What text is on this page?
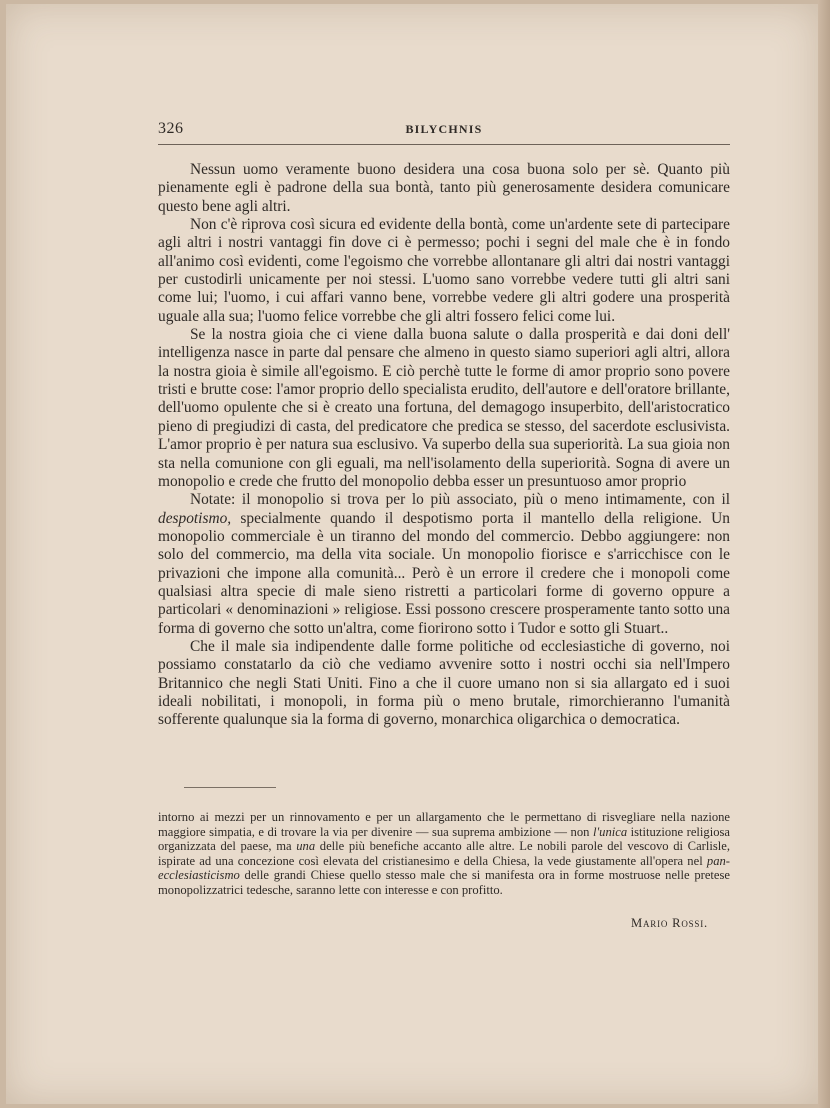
326	BILYCHNIS

Nessun uomo veramente buono desidera una cosa buona solo per sè. Quanto più pienamente egli è padrone della sua bontà, tanto più generosamente desidera comunicare questo bene agli altri.

Non c'è riprova così sicura ed evidente della bontà, come un'ardente sete di partecipare agli altri i nostri vantaggi fin dove ci è permesso; pochi i segni del male che è in fondo all'animo così evidenti, come l'egoismo che vorrebbe allontanare gli altri dai nostri vantaggi per custodirli unicamente per noi stessi. L'uomo sano vorrebbe vedere tutti gli altri sani come lui; l'uomo, i cui affari vanno bene, vorrebbe vedere gli altri godere una prosperità uguale alla sua; l'uomo felice vorrebbe che gli altri fossero felici come lui.

Se la nostra gioia che ci viene dalla buona salute o dalla prosperità e dai doni dell' intelligenza nasce in parte dal pensare che almeno in questo siamo superiori agli altri, allora la nostra gioia è simile all'egoismo. E ciò perchè tutte le forme di amor proprio sono povere tristi e brutte cose: l'amor proprio dello specialista erudito, dell'autore e dell'oratore brillante, dell'uomo opulente che si è creato una fortuna, del demagogo insuperbito, dell'aristocratico pieno di pregiudizi di casta, del predicatore che predica se stesso, del sacerdote esclusivista. L'amor proprio è per natura sua esclusivo. Va superbo della sua superiorità. La sua gioia non sta nella comunione con gli eguali, ma nell'isolamento della superiorità. Sogna di avere un monopolio e crede che frutto del monopolio debba esser un presuntuoso amor proprio

Notate: il monopolio si trova per lo più associato, più o meno intimamente, con il despotismo, specialmente quando il despotismo porta il mantello della religione. Un monopolio commerciale è un tiranno del mondo del commercio. Debbo aggiungere: non solo del commercio, ma della vita sociale. Un monopolio fiorisce e s'arricchisce con le privazioni che impone alla comunità... Però è un errore il credere che i monopoli come qualsiasi altra specie di male sieno ristretti a particolari forme di governo oppure a particolari « denominazioni » religiose. Essi possono crescere prosperamente tanto sotto una forma di governo che sotto un'altra, come fiorirono sotto i Tudor e sotto gli Stuart..

Che il male sia indipendente dalle forme politiche od ecclesiastiche di governo, noi possiamo constatarlo da ciò che vediamo avvenire sotto i nostri occhi sia nell'Impero Britannico che negli Stati Uniti. Fino a che il cuore umano non si sia allargato ed i suoi ideali nobilitati, i monopoli, in forma più o meno brutale, rimorchieranno l'umanità sofferente qualunque sia la forma di governo, monarchica oligarchica o democratica.

intorno ai mezzi per un rinnovamento e per un allargamento che le permettano di risvegliare nella nazione maggiore simpatia, e di trovare la via per divenire — sua suprema ambizione — non l'unica istituzione religiosa organizzata del paese, ma una delle più benefiche accanto alle altre. Le nobili parole del vescovo di Carlisle, ispirate ad una concezione così elevata del cristianesimo e della Chiesa, la vede giustamente all'opera nel pan-ecclesiasticismo delle grandi Chiese quello stesso male che si manifesta ora in forme mostruose nelle pretese monopolizzatrici tedesche, saranno lette con interesse e con profitto.

Mario Rossi.
